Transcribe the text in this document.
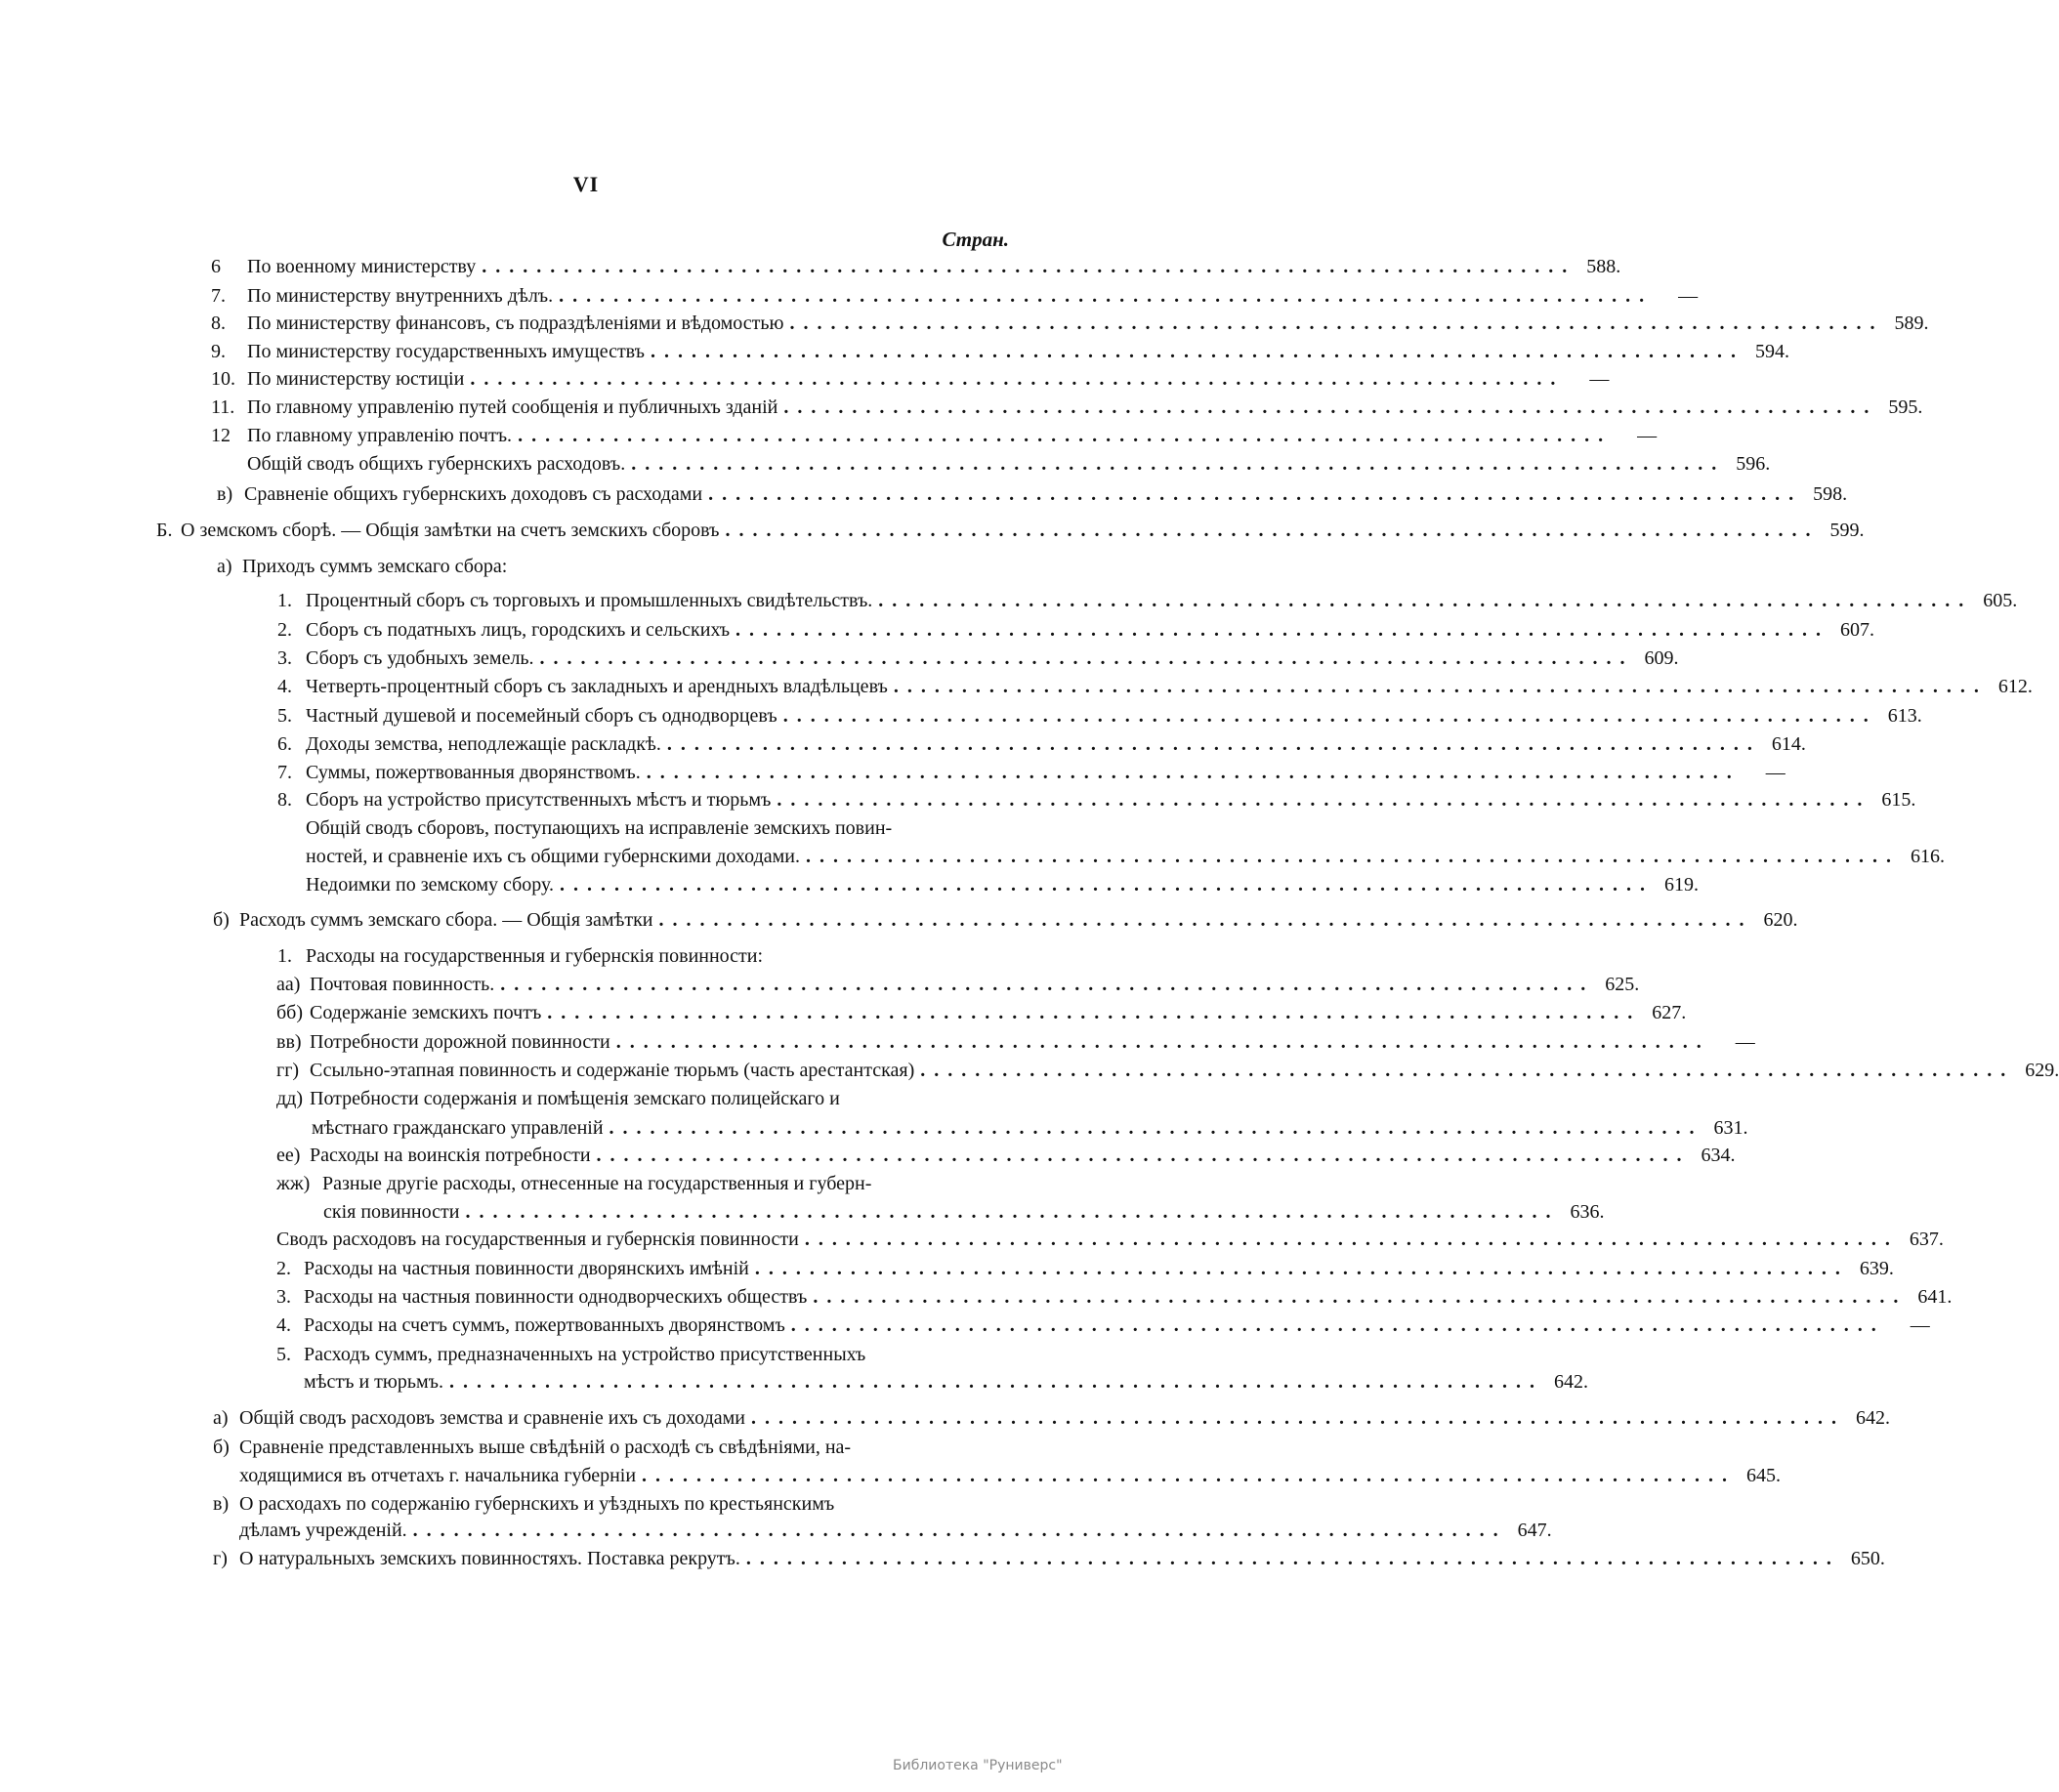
VI
Стран.
6 По военному министерству ................................................................................ 588.
7. По министерству внутреннихъ дѣлъ. ................................................................................	—
8. По министерству финансовъ, съ подраздѣленіями и вѣдомостью ................................................................................ 589.
9. По министерству государственныхъ имуществъ ................................................................................ 594.
10. По министерству юстиціи ................................................................................	—
11. По главному управленію путей сообщенія и публичныхъ зданій ................................................................................ 595.
12 По главному управленію почтъ. ................................................................................	—
Общій сводъ общихъ губернскихъ расходовъ. ................................................................................ 596.
в) Сравненіе общихъ губернскихъ доходовъ съ расходами ................................................................................ 598.
Б. О земскомъ сборѣ. — Общія замѣтки на счетъ земскихъ сборовъ ................................................................................ 599.
а) Приходъ суммъ земскаго сбора:
1. Процентный сборъ съ торговыхъ и промышленныхъ свидѣтельствъ. ................................................................................ 605.
2. Сборъ съ податныхъ лицъ, городскихъ и сельскихъ ................................................................................ 607.
3. Сборъ съ удобныхъ земель. ................................................................................ 609.
4. Четверть-процентный сборъ съ закладныхъ и арендныхъ владѣльцевъ ................................................................................ 612.
5. Частный душевой и посемейный сборъ съ однодворцевъ ................................................................................ 613.
6. Доходы земства, неподлежащіе раскладкѣ. ................................................................................ 614.
7. Суммы, пожертвованныя дворянствомъ. ................................................................................	—
8. Сборъ на устройство присутственныхъ мѣстъ и тюрьмъ ................................................................................ 615.
Общій сводъ сборовъ, поступающихъ на исправленіе земскихъ повин-
ностей, и сравненіе ихъ съ общими губернскими доходами. ................................................................................ 616.
Недоимки по земскому сбору. ................................................................................ 619.
б) Расходъ суммъ земскаго сбора. — Общія замѣтки ................................................................................ 620.
1. Расходы на государственныя и губернскія повинности:
аа) Почтовая повинность. ................................................................................ 625.
бб) Содержаніе земскихъ почтъ ................................................................................ 627.
вв) Потребности дорожной повинности ................................................................................	—
гг) Ссыльно-этапная повинность и содержаніе тюрьмъ (часть арестантская) ................................................................................ 629.
дд) Потребности содержанія и помѣщенія земскаго полицейскаго и
мѣстнаго гражданскаго управленій ................................................................................ 631.
ее) Расходы на воинскія потребности ................................................................................ 634.
жж) Разные другіе расходы, отнесенные на государственныя и губерн-
скія повинности ................................................................................ 636.
Сводъ расходовъ на государственныя и губернскія повинности ................................................................................ 637.
2. Расходы на частныя повинности дворянскихъ имѣній ................................................................................ 639.
3. Расходы на частныя повинности однодворческихъ обществъ ................................................................................ 641.
4. Расходы на счетъ суммъ, пожертвованныхъ дворянствомъ ................................................................................	—
5. Расходъ суммъ, предназначенныхъ на устройство присутственныхъ
мѣстъ и тюрьмъ. ................................................................................ 642.
а) Общій сводъ расходовъ земства и сравненіе ихъ съ доходами ................................................................................ 642.
б) Сравненіе представленныхъ выше свѣдѣній о расходѣ съ свѣдѣніями, на-
ходящимися въ отчетахъ г. начальника губерніи ................................................................................ 645.
в) О расходахъ по содержанію губернскихъ и уѣздныхъ по крестьянскимъ
дѣламъ учрежденій. ................................................................................ 647.
г) О натуральныхъ земскихъ повинностяхъ. Поставка рекрутъ. ................................................................................ 650.
Библиотека "Руниверс"
